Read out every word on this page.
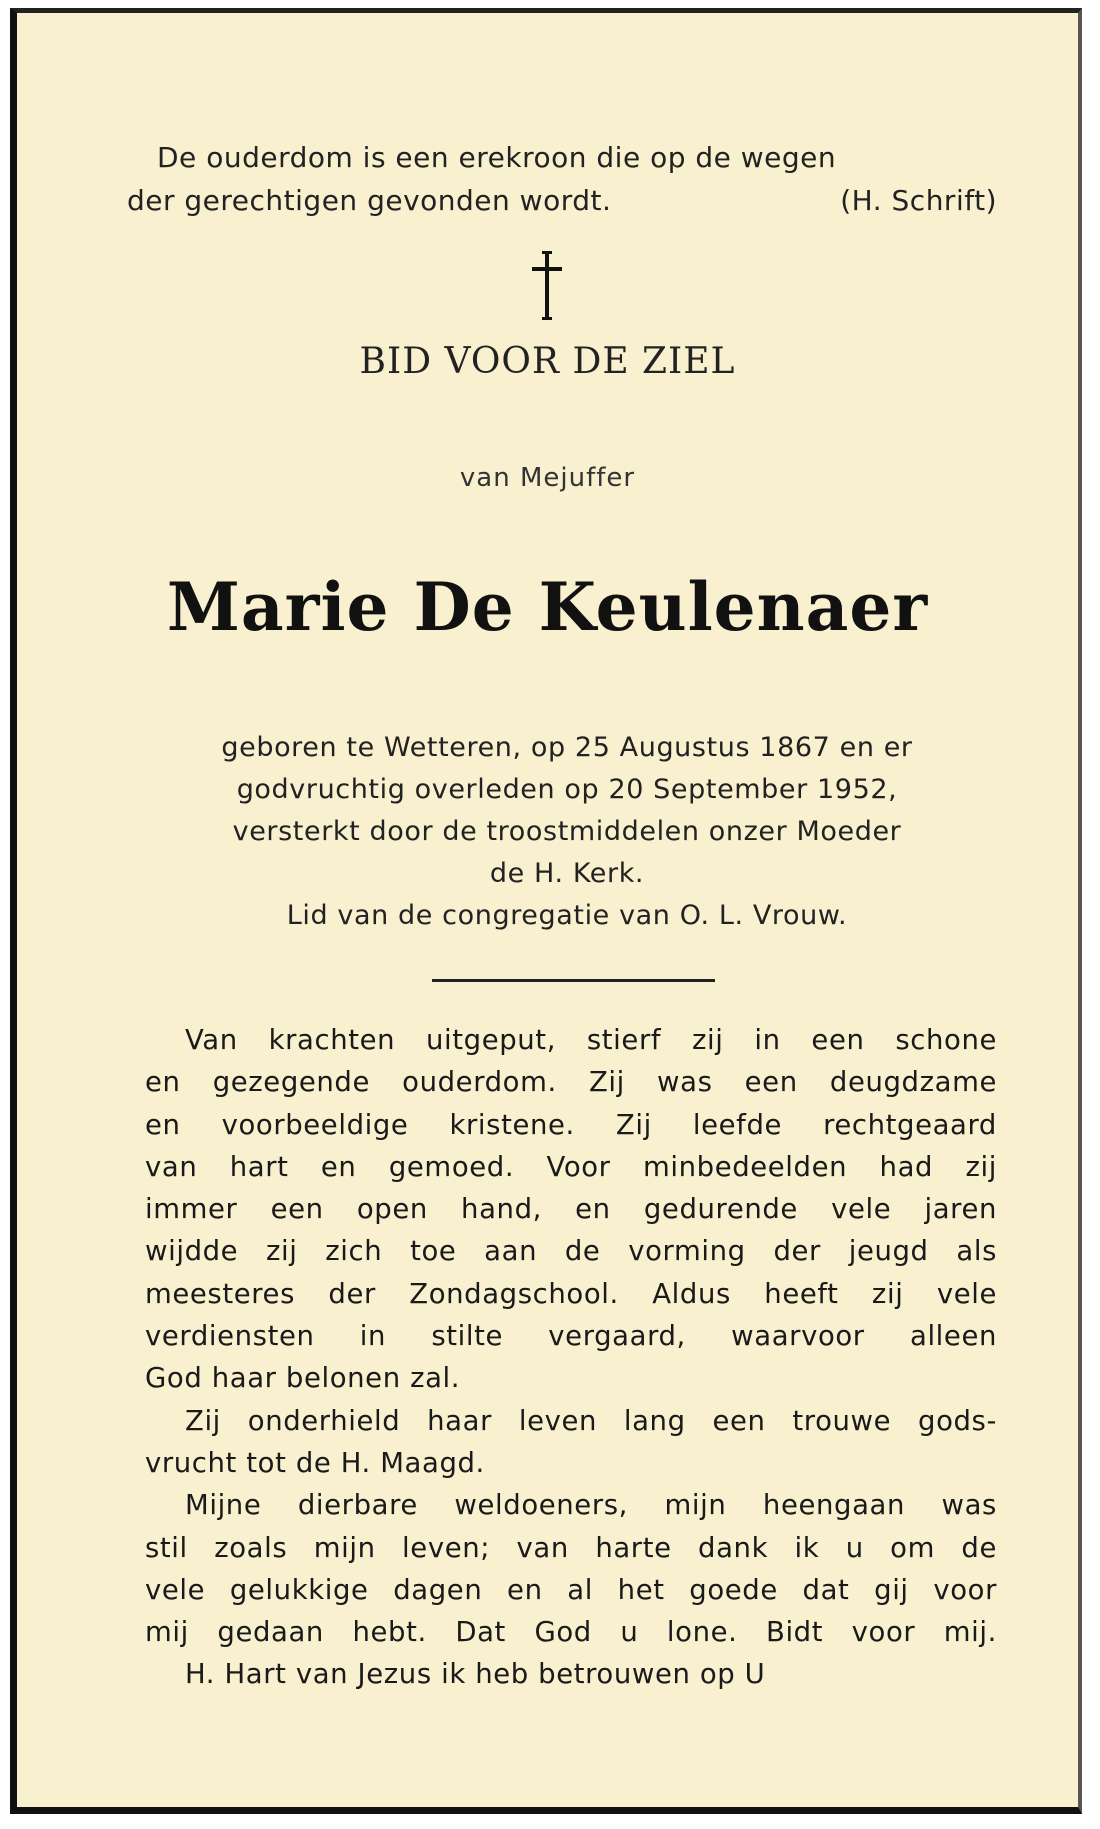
De ouderdom is een erekroon die op de wegen
der gerechtigen gevonden wordt.	(H. Schrift)
BID VOOR DE ZIEL
van Mejuffer
Marie De Keulenaer
geboren te Wetteren, op 25 Augustus 1867 en er
godvruchtig overleden op 20 September 1952,
versterkt door de troostmiddelen onzer Moeder
de H. Kerk.
Lid van de congregatie van O. L. Vrouw.
Van krachten uitgeput, stierf zij in een schone
en gezegende ouderdom. Zij was een deugdzame
en voorbeeldige kristene. Zij leefde rechtgeaard
van hart en gemoed. Voor minbedeelden had zij
immer een open hand, en gedurende vele jaren
wijdde zij zich toe aan de vorming der jeugd als
meesteres der Zondagschool. Aldus heeft zij vele
verdiensten in stilte vergaard, waarvoor alleen
God haar belonen zal.
Zij onderhield haar leven lang een trouwe gods-
vrucht tot de H. Maagd.
Mijne dierbare weldoeners, mijn heengaan was
stil zoals mijn leven; van harte dank ik u om de
vele gelukkige dagen en al het goede dat gij voor
mij gedaan hebt. Dat God u lone. Bidt voor mij.
H. Hart van Jezus ik heb betrouwen op U
